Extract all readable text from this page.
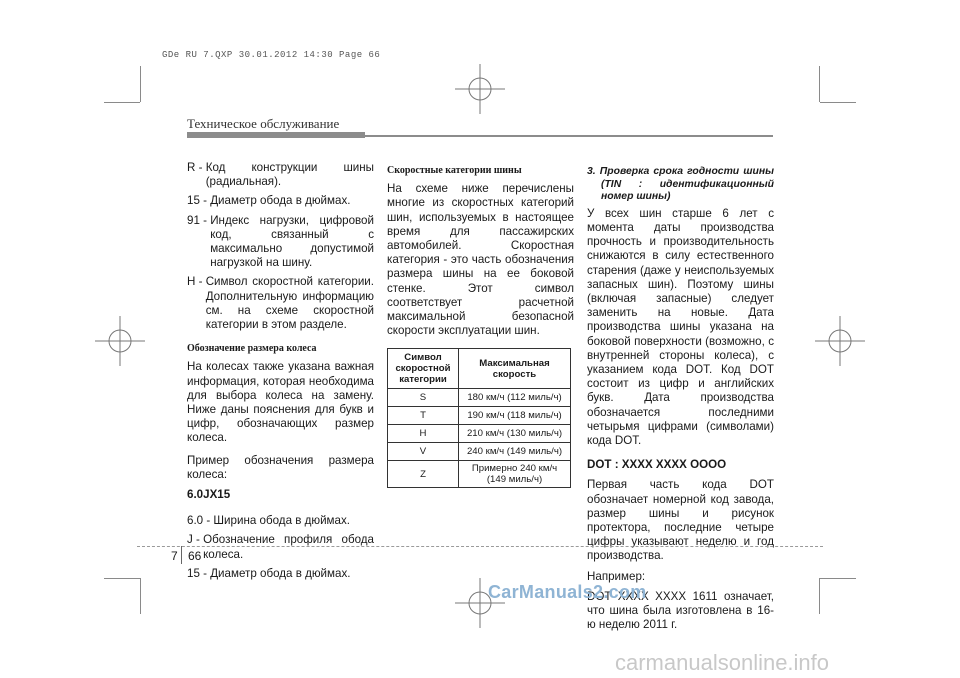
GDe RU 7.QXP 30.01.2012 14:30 Page 66
Техническое обслуживание
R - Код конструкции шины (радиальная).
15 - Диаметр обода в дюймах.
91 - Индекс нагрузки, цифровой код, связанный с максимально допустимой нагрузкой на шину.
H - Символ скоростной категории. Дополнительную информацию см. на схеме скоростной категории в этом разделе.
Обозначение размера колеса

На колесах также указана важная информация, которая необходима для выбора колеса на замену. Ниже даны пояснения для букв и цифр, обозначающих размер колеса.

Пример обозначения размера колеса:

6.0JX15

6.0 - Ширина обода в дюймах.
J - Обозначение профиля обода колеса.
15 - Диаметр обода в дюймах.
Скоростные категории шины

На схеме ниже перечислены многие из скоростных категорий шин, используемых в настоящее время для пассажирских автомобилей. Скоростная категория - это часть обозначения размера шины на ее боковой стенке. Этот символ соответствует расчетной максимальной безопасной скорости эксплуатации шин.

Символ скоростной категории	Максимальная скорость
S	180 км/ч (112 миль/ч)
T	190 км/ч (118 миль/ч)
H	210 км/ч (130 миль/ч)
V	240 км/ч (149 миль/ч)
Z	Примерно 240 км/ч (149 миль/ч)
3. Проверка срока годности шины (TIN : идентификационный номер шины)

У всех шин старше 6 лет с момента даты производства прочность и производительность снижаются в силу естественного старения (даже у неиспользуемых запасных шин). Поэтому шины (включая запасные) следует заменить на новые. Дата производства шины указана на боковой поверхности (возможно, с внутренней стороны колеса), с указанием кода DOT. Код DOT состоит из цифр и английских букв. Дата производства обозначается последними четырьмя цифрами (символами) кода DOT.

DOT : XXXX XXXX OOOO

Первая часть кода DOT обозначает номерной код завода, размер шины и рисунок протектора, последние четыре цифры указывают неделю и год производства.

Например:

DOT XXXX XXXX 1611 означает, что шина была изготовлена в 16-ю неделю 2011 г.

7 66
CarManuals2.com
carmanualsonline.info
